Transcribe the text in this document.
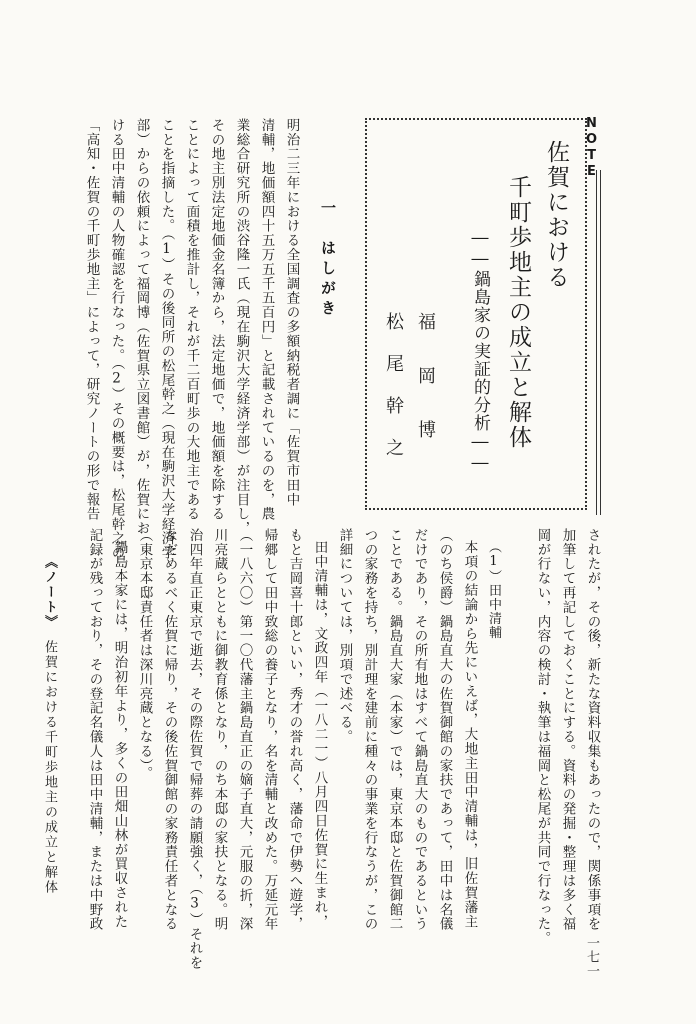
NOTE
佐賀における
千町歩地主の成立と解体
――鍋島家の実証的分析――
福　岡　博
松　尾　幹　之
一　はしがき
明治二三年における全国調査の多額納税者調に「佐賀市田中
清輔，地価額四十五万五千五百円」と記載されているのを，農
業総合研究所の渋谷隆一氏（現在駒沢大学経済学部）が注目し，
その地主別法定地価金名簿から，法定地価で，地価額を除する
ことによって面積を推計し，それが千二百町歩の大地主である
ことを指摘した。（1）その後同所の松尾幹之（現在駒沢大学経済学
部）からの依頼によって福岡博（佐賀県立図書館）が，佐賀にお
ける田中清輔の人物確認を行なった。（2）その概要は，松尾幹之の
「高知・佐賀の千町歩地主」によって，研究ノートの形で報告
《ノート》
佐賀における千町歩地主の成立と解体	されたが，その後，新たな資料収集もあったので，関係事項を
加筆して再記しておくことにする。資料の発掘・整理は多く福
岡が行ない，内容の検討・執筆は福岡と松尾が共同で行なった。
（1）田中清輔
本項の結論から先にいえば，大地主田中清輔は，旧佐賀藩主
（のち侯爵）鍋島直大の佐賀御館の家扶であって，田中は名儀
だけであり，その所有地はすべて鍋島直大のものであるという
ことである。鍋島直大家（本家）では，東京本邸と佐賀御館二
つの家務を持ち，別計理を建前に種々の事業を行なうが，この
詳細については，別項で述べる。
田中清輔は，文政四年（一八二一）八月四日佐賀に生まれ，
もと吉岡喜十郎といい，秀才の誉れ高く，藩命で伊勢へ遊学，
帰郷して田中致総の養子となり，名を清輔と改めた。万延元年
（一八六〇）第一〇代藩主鍋島直正の嫡子直大，元服の折，深
川亮蔵らとともに御教育係となり，のち本邸の家扶となる。明
治四年直正東京で逝去，その際佐賀で帰葬の請願強く，（3）それを
なだめるべく佐賀に帰り，その後佐賀御館の家務責任者となる
（東京本邸責任者は深川亮蔵となる）。
鍋島本家には，明治初年より，多くの田畑山林が買収された
記録が残っており，その登記名儀人は田中清輔，または中野政
一七一
